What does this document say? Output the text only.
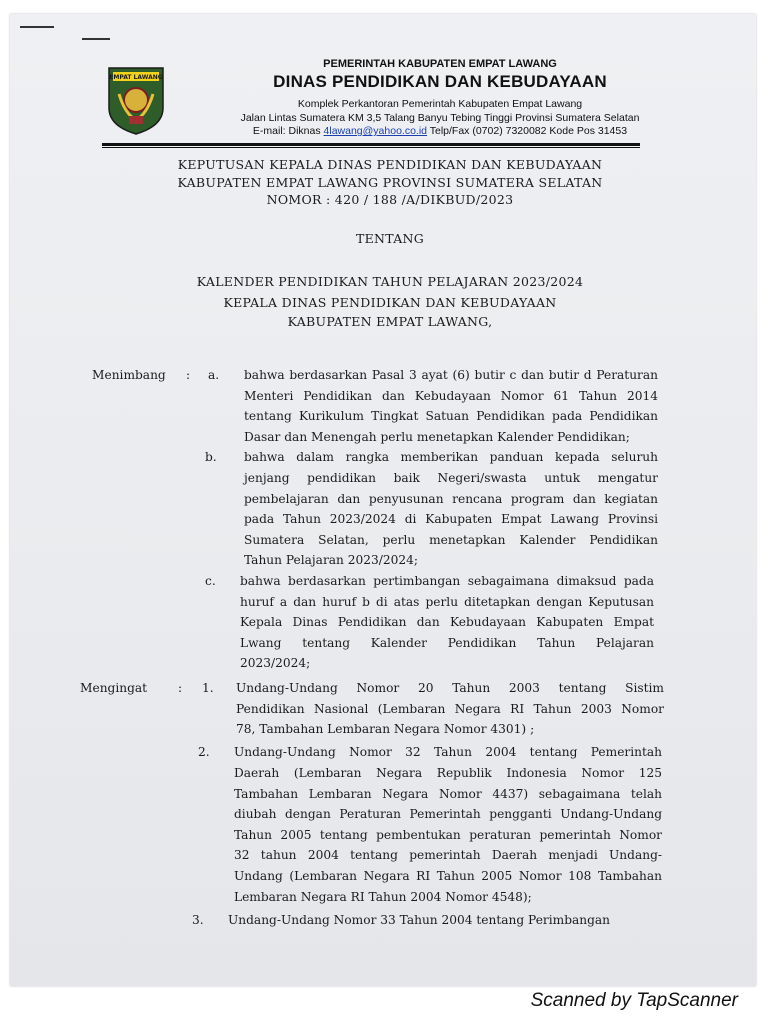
EMPAT LAWANG
PEMERINTAH KABUPATEN EMPAT LAWANG
DINAS PENDIDIKAN DAN KEBUDAYAAN
Komplek Perkantoran Pemerintah Kabupaten Empat Lawang
Jalan Lintas Sumatera KM 3,5 Talang Banyu Tebing Tinggi Provinsi Sumatera Selatan
E-mail: Diknas 4lawang@yahoo.co.id Telp/Fax (0702) 7320082 Kode Pos 31453
KEPUTUSAN KEPALA DINAS PENDIDIKAN DAN KEBUDAYAAN
KABUPATEN EMPAT LAWANG PROVINSI SUMATERA SELATAN
NOMOR : 420 / 188 /A/DIKBUD/2023
TENTANG
KALENDER PENDIDIKAN TAHUN PELAJARAN 2023/2024
KEPALA DINAS PENDIDIKAN DAN KEBUDAYAAN
KABUPATEN EMPAT LAWANG,
Menimbang : a. bahwa berdasarkan Pasal 3 ayat (6) butir c dan butir d Peraturan
Menteri Pendidikan dan Kebudayaan Nomor 61 Tahun 2014
tentang Kurikulum Tingkat Satuan Pendidikan pada Pendidikan
Dasar dan Menengah perlu menetapkan Kalender Pendidikan;
b. bahwa dalam rangka memberikan panduan kepada seluruh
jenjang pendidikan baik Negeri/swasta untuk mengatur
pembelajaran dan penyusunan rencana program dan kegiatan
pada Tahun 2023/2024 di Kabupaten Empat Lawang Provinsi
Sumatera Selatan, perlu menetapkan Kalender Pendidikan
Tahun Pelajaran 2023/2024;
c. bahwa berdasarkan pertimbangan sebagaimana dimaksud pada
huruf a dan huruf b di atas perlu ditetapkan dengan Keputusan
Kepala Dinas Pendidikan dan Kebudayaan Kabupaten Empat
Lwang tentang Kalender Pendidikan Tahun Pelajaran
2023/2024;
Mengingat	: 1. Undang-Undang Nomor 20 Tahun 2003 tentang Sistim
Pendidikan Nasional (Lembaran Negara RI Tahun 2003 Nomor
78, Tambahan Lembaran Negara Nomor 4301) ;
2. Undang-Undang Nomor 32 Tahun 2004 tentang Pemerintah
Daerah (Lembaran Negara Republik Indonesia Nomor 125
Tambahan Lembaran Negara Nomor 4437) sebagaimana telah
diubah dengan Peraturan Pemerintah pengganti Undang-Undang
Tahun 2005 tentang pembentukan peraturan pemerintah Nomor
32 tahun 2004 tentang pemerintah Daerah menjadi Undang-
Undang (Lembaran Negara RI Tahun 2005 Nomor 108 Tambahan
Lembaran Negara RI Tahun 2004 Nomor 4548);
3. Undang-Undang Nomor 33 Tahun 2004 tentang Perimbangan
Scanned by TapScanner
